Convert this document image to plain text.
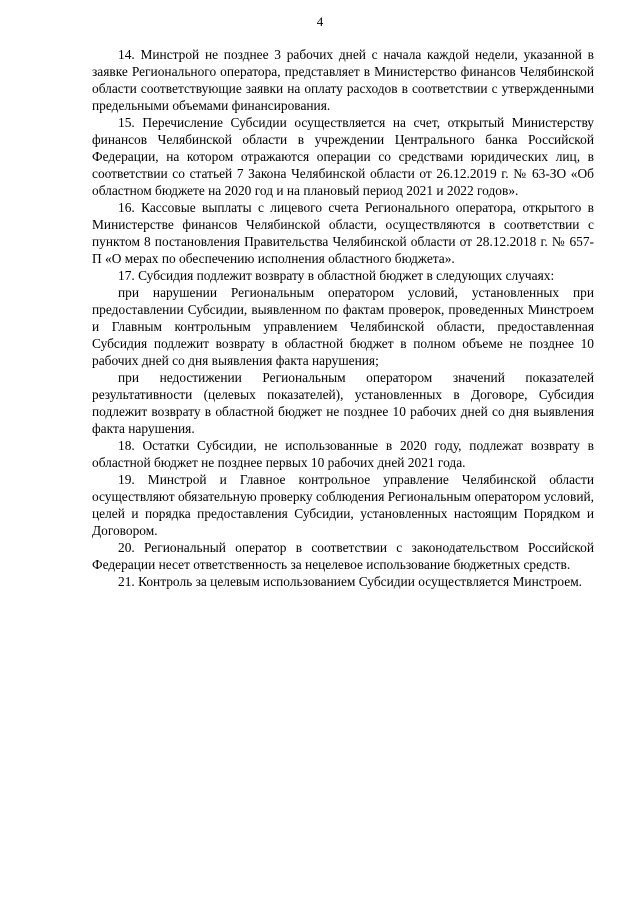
4

14. Минстрой не позднее 3 рабочих дней с начала каждой недели, указанной в заявке Регионального оператора, представляет в Министерство финансов Челябинской области соответствующие заявки на оплату расходов в соответствии с утвержденными предельными объемами финансирования.

15. Перечисление Субсидии осуществляется на счет, открытый Министерству финансов Челябинской области в учреждении Центрального банка Российской Федерации, на котором отражаются операции со средствами юридических лиц, в соответствии со статьей 7 Закона Челябинской области от 26.12.2019 г. № 63-ЗО «Об областном бюджете на 2020 год и на плановый период 2021 и 2022 годов».

16. Кассовые выплаты с лицевого счета Регионального оператора, открытого в Министерстве финансов Челябинской области, осуществляются в соответствии с пунктом 8 постановления Правительства Челябинской области от 28.12.2018 г. № 657-П «О мерах по обеспечению исполнения областного бюджета».

17. Субсидия подлежит возврату в областной бюджет в следующих случаях:

при нарушении Региональным оператором условий, установленных при предоставлении Субсидии, выявленном по фактам проверок, проведенных Минстроем и Главным контрольным управлением Челябинской области, предоставленная Субсидия подлежит возврату в областной бюджет в полном объеме не позднее 10 рабочих дней со дня выявления факта нарушения;

при недостижении Региональным оператором значений показателей результативности (целевых показателей), установленных в Договоре, Субсидия подлежит возврату в областной бюджет не позднее 10 рабочих дней со дня выявления факта нарушения.

18. Остатки Субсидии, не использованные в 2020 году, подлежат возврату в областной бюджет не позднее первых 10 рабочих дней 2021 года.

19. Минстрой и Главное контрольное управление Челябинской области осуществляют обязательную проверку соблюдения Региональным оператором условий, целей и порядка предоставления Субсидии, установленных настоящим Порядком и Договором.

20. Региональный оператор в соответствии с законодательством Российской Федерации несет ответственность за нецелевое использование бюджетных средств.

21. Контроль за целевым использованием Субсидии осуществляется Минстроем.
